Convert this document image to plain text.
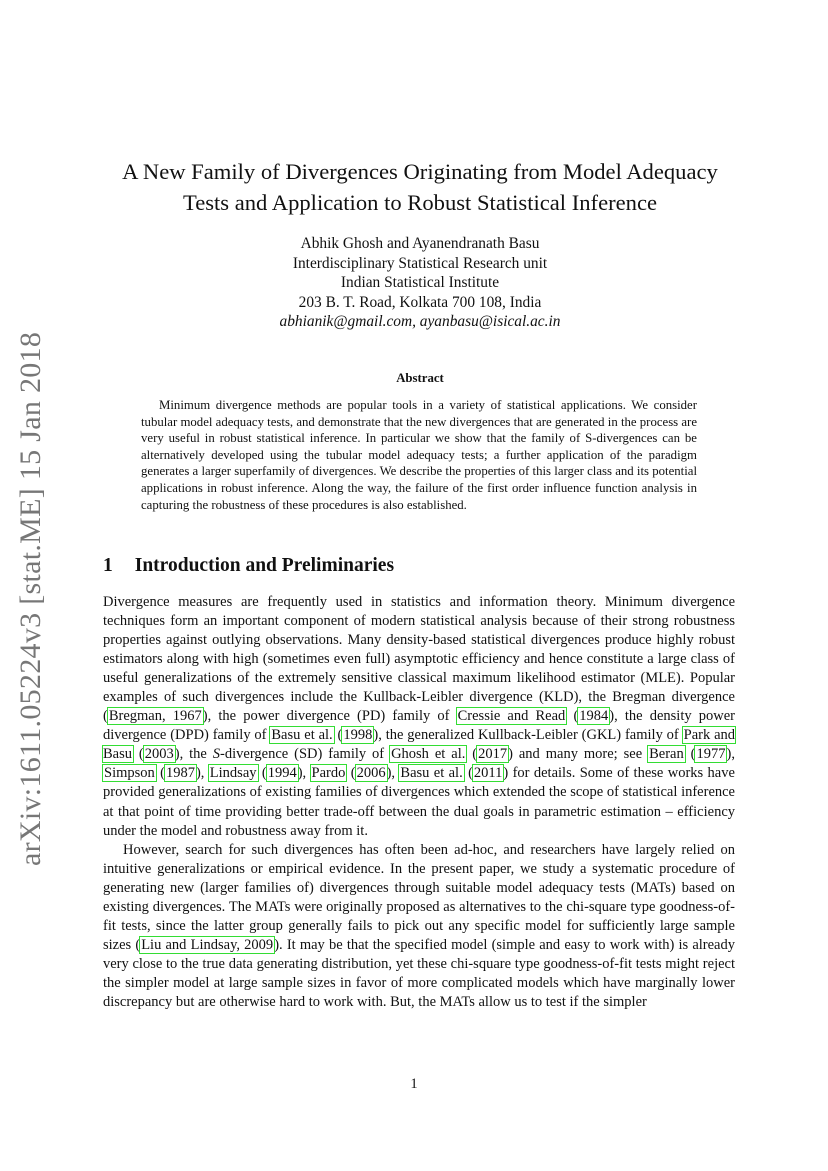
arXiv:1611.05224v3 [stat.ME] 15 Jan 2018
A New Family of Divergences Originating from Model Adequacy
Tests and Application to Robust Statistical Inference
Abhik Ghosh and Ayanendranath Basu
Interdisciplinary Statistical Research unit
Indian Statistical Institute
203 B. T. Road, Kolkata 700 108, India
abhianik@gmail.com, ayanbasu@isical.ac.in
Abstract

Minimum divergence methods are popular tools in a variety of statistical applications. We consider tubular model adequacy tests, and demonstrate that the new divergences that are generated in the process are very useful in robust statistical inference. In particular we show that the family of S-divergences can be alternatively developed using the tubular model adequacy tests; a further application of the paradigm generates a larger superfamily of divergences. We describe the properties of this larger class and its potential applications in robust inference. Along the way, the failure of the first order influence function analysis in capturing the robustness of these procedures is also established.

1 Introduction and Preliminaries

Divergence measures are frequently used in statistics and information theory. Minimum divergence techniques form an important component of modern statistical analysis because of their strong robustness properties against outlying observations. Many density-based statistical divergences produce highly robust estimators along with high (sometimes even full) asymptotic efficiency and hence constitute a large class of useful generalizations of the extremely sensitive classical maximum likelihood estimator (MLE). Popular examples of such divergences include the Kullback-Leibler divergence (KLD), the Bregman divergence (Bregman, 1967), the power divergence (PD) family of Cressie and Read (1984), the density power divergence (DPD) family of Basu et al. (1998), the generalized Kullback-Leibler (GKL) family of Park and Basu (2003), the S-divergence (SD) family of Ghosh et al. (2017) and many more; see Beran (1977), Simpson (1987), Lindsay (1994), Pardo (2006), Basu et al. (2011) for details. Some of these works have provided generalizations of existing families of divergences which extended the scope of statistical inference at that point of time providing better trade-off between the dual goals in parametric estimation – efficiency under the model and robustness away from it.

However, search for such divergences has often been ad-hoc, and researchers have largely relied on intuitive generalizations or empirical evidence. In the present paper, we study a systematic procedure of generating new (larger families of) divergences through suitable model adequacy tests (MATs) based on existing divergences. The MATs were originally proposed as alternatives to the chi-square type goodness-of-fit tests, since the latter group generally fails to pick out any specific model for sufficiently large sample sizes (Liu and Lindsay, 2009). It may be that the specified model (simple and easy to work with) is already very close to the true data generating distribution, yet these chi-square type goodness-of-fit tests might reject the simpler model at large sample sizes in favor of more complicated models which have marginally lower discrepancy but are otherwise hard to work with. But, the MATs allow us to test if the simpler

1
